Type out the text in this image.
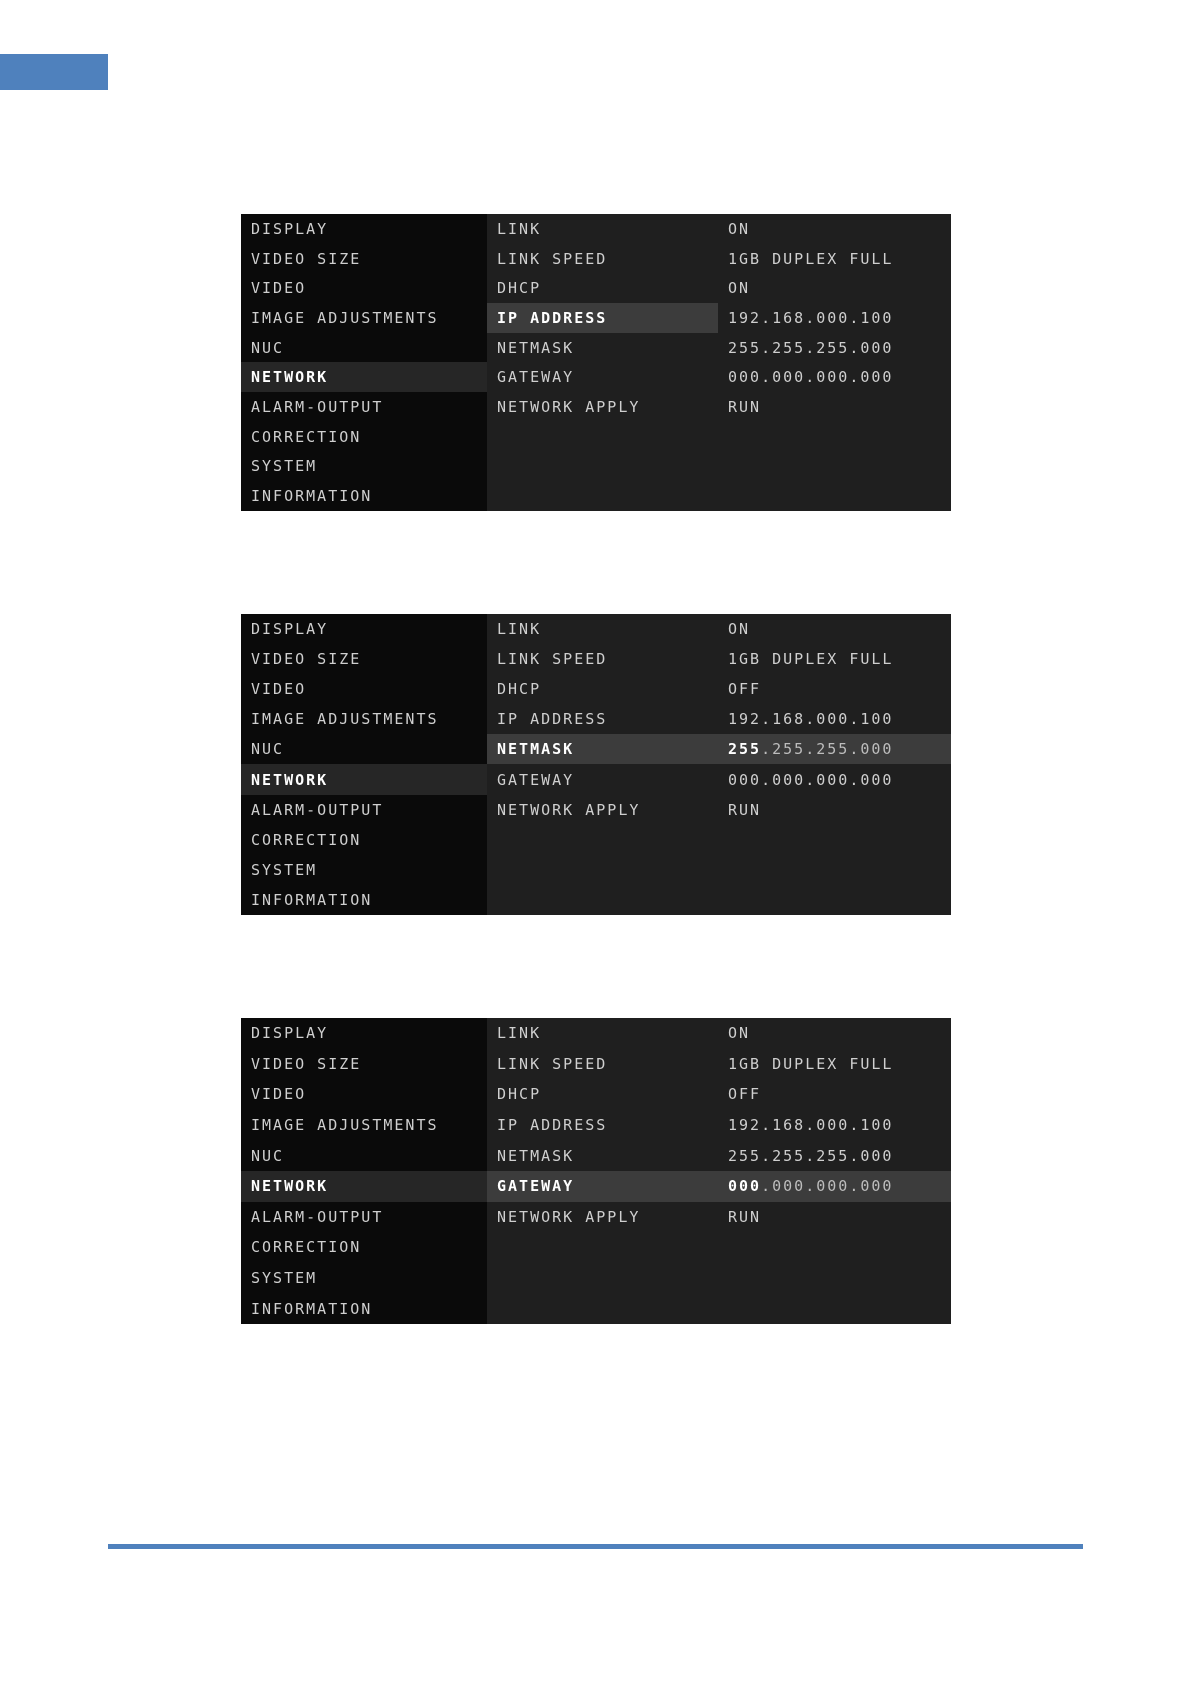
DISPLAY
VIDEO SIZE
VIDEO
IMAGE ADJUSTMENTS
NUC
NETWORK
ALARM-OUTPUT
CORRECTION
SYSTEM
INFORMATION
LINK	ON
LINK SPEED	1GB DUPLEX FULL
DHCP	ON
IP ADDRESS	192.168.000.100
NETMASK	255.255.255.000
GATEWAY	000.000.000.000
NETWORK APPLY	RUN
DISPLAY
VIDEO SIZE
VIDEO
IMAGE ADJUSTMENTS
NUC
NETWORK
ALARM-OUTPUT
CORRECTION
SYSTEM
INFORMATION
LINK	ON
LINK SPEED	1GB DUPLEX FULL
DHCP	OFF
IP ADDRESS	192.168.000.100
NETMASK	255 .255.255.000
GATEWAY	000.000.000.000
NETWORK APPLY	RUN
DISPLAY
VIDEO SIZE
VIDEO
IMAGE ADJUSTMENTS
NUC
NETWORK
ALARM-OUTPUT
CORRECTION
SYSTEM
INFORMATION
LINK	ON
LINK SPEED	1GB DUPLEX FULL
DHCP	OFF
IP ADDRESS	192.168.000.100
NETMASK	255.255.255.000
GATEWAY	000 .000.000.000
NETWORK APPLY	RUN
